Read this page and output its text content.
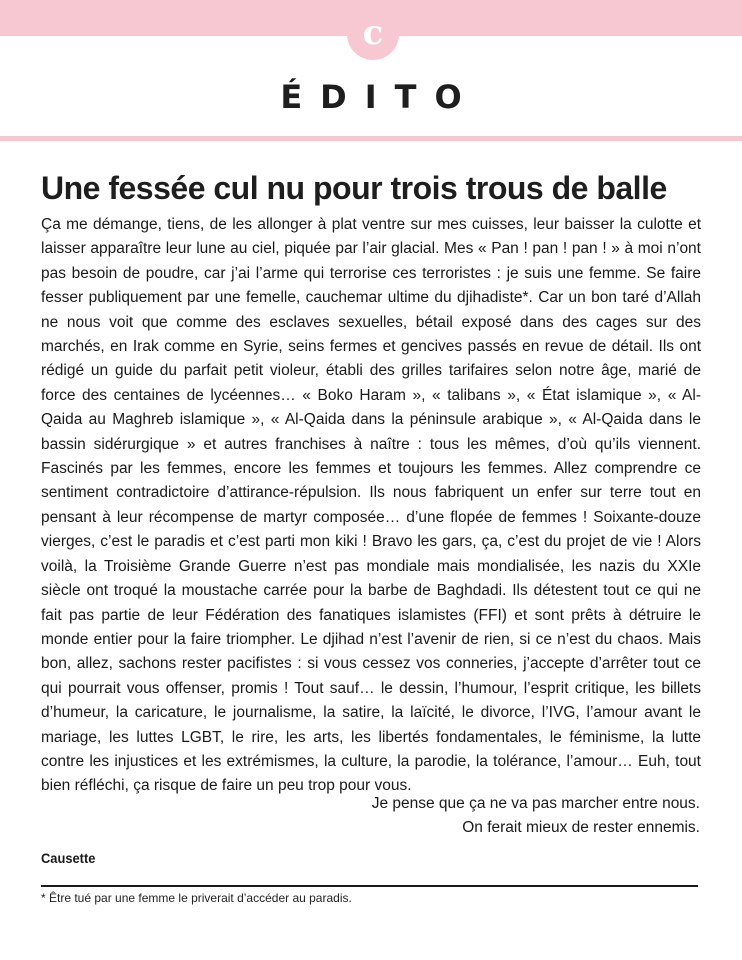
c
ÉDITO
Une fessée cul nu pour trois trous de balle

Ça me démange, tiens, de les allonger à plat ventre sur mes cuisses, leur baisser la culotte et laisser apparaître leur lune au ciel, piquée par l’air glacial. Mes « Pan ! pan ! pan ! » à moi n’ont pas besoin de poudre, car j’ai l’arme qui terrorise ces terroristes : je suis une femme. Se faire fesser publiquement par une femelle, cauchemar ultime du djihadiste*. Car un bon taré d’Allah ne nous voit que comme des esclaves sexuelles, bétail exposé dans des cages sur des marchés, en Irak comme en Syrie, seins fermes et gencives passés en revue de détail. Ils ont rédigé un guide du parfait petit violeur, établi des grilles tarifaires selon notre âge, marié de force des centaines de lycéennes… « Boko Haram », « talibans », « État islamique », « Al-Qaida au Maghreb islamique », « Al-Qaida dans la péninsule arabique », « Al-Qaida dans le bassin sidérurgique » et autres franchises à naître : tous les mêmes, d’où qu’ils viennent. Fascinés par les femmes, encore les femmes et toujours les femmes. Allez comprendre ce sentiment contradictoire d’attirance-répulsion. Ils nous fabriquent un enfer sur terre tout en pensant à leur récompense de martyr composée… d’une flopée de femmes ! Soixante-douze vierges, c’est le paradis et c’est parti mon kiki ! Bravo les gars, ça, c’est du projet de vie ! Alors voilà, la Troisième Grande Guerre n’est pas mondiale mais mondialisée, les nazis du XXIe siècle ont troqué la moustache carrée pour la barbe de Baghdadi. Ils détestent tout ce qui ne fait pas partie de leur Fédération des fanatiques islamistes (FFI) et sont prêts à détruire le monde entier pour la faire triompher. Le djihad n’est l’avenir de rien, si ce n’est du chaos. Mais bon, allez, sachons rester pacifistes : si vous cessez vos conneries, j’accepte d’arrêter tout ce qui pourrait vous offenser, promis ! Tout sauf… le dessin, l’humour, l’esprit critique, les billets d’humeur, la caricature, le journalisme, la satire, la laïcité, le divorce, l’IVG, l’amour avant le mariage, les luttes LGBT, le rire, les arts, les libertés fondamentales, le féminisme, la lutte contre les injustices et les extrémismes, la culture, la parodie, la tolérance, l’amour… Euh, tout bien réfléchi, ça risque de faire un peu trop pour vous.

Je pense que ça ne va pas marcher entre nous.
On ferait mieux de rester ennemis.
Causette
* Être tué par une femme le priverait d’accéder au paradis.
